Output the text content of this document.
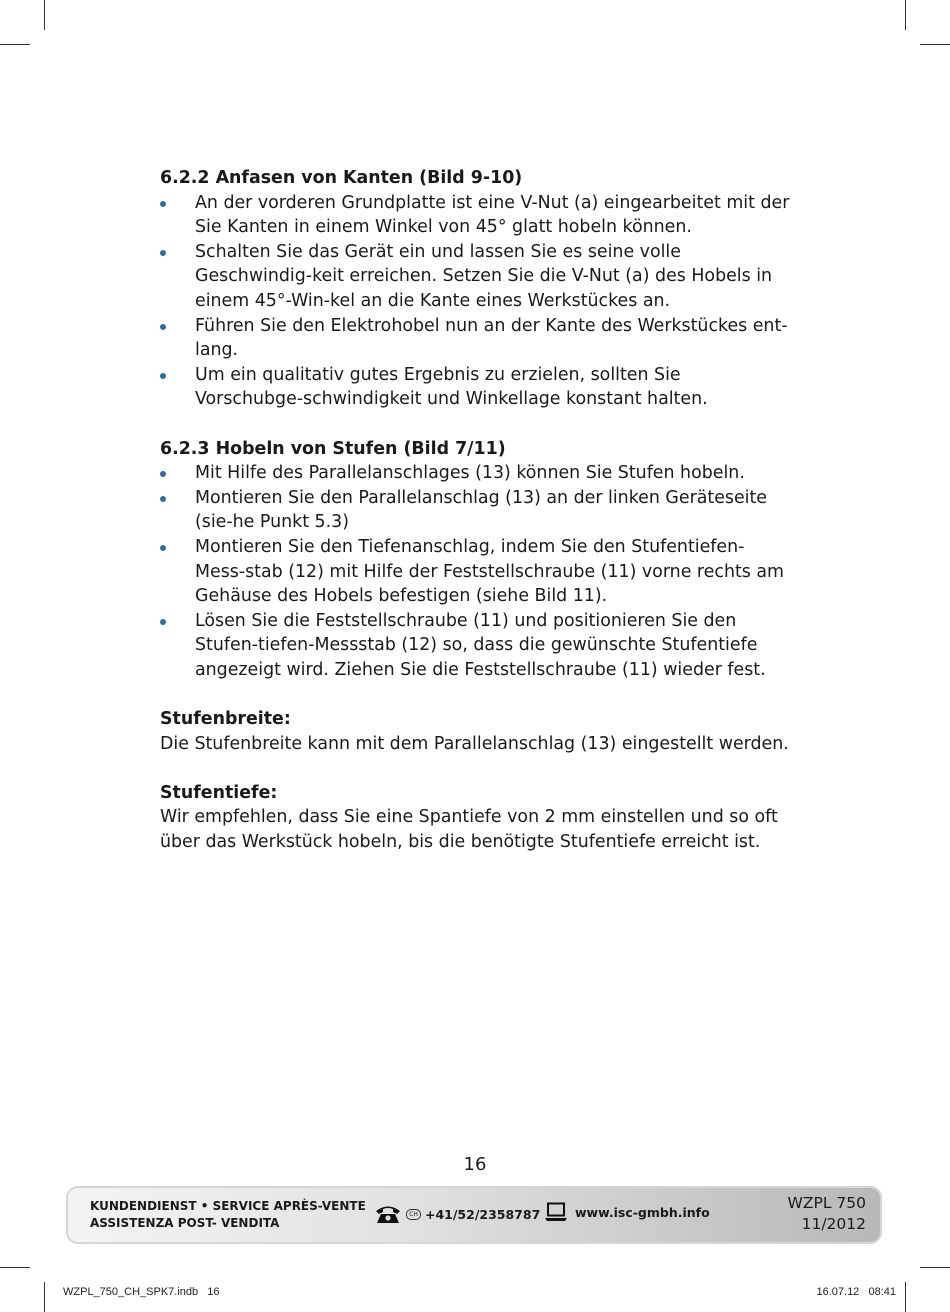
6.2.2 Anfasen von Kanten (Bild 9-10)
An der vorderen Grundplatte ist eine V-Nut (a) eingearbeitet mit der Sie Kanten in einem Winkel von 45° glatt hobeln können.
Schalten Sie das Gerät ein und lassen Sie es seine volle Geschwindig-keit erreichen. Setzen Sie die V-Nut (a) des Hobels in einem 45°-Win-kel an die Kante eines Werkstückes an.
Führen Sie den Elektrohobel nun an der Kante des Werkstückes ent-lang.
Um ein qualitativ gutes Ergebnis zu erzielen, sollten Sie Vorschubge-schwindigkeit und Winkellage konstant halten.
6.2.3 Hobeln von Stufen (Bild 7/11)
Mit Hilfe des Parallelanschlages (13) können Sie Stufen hobeln.
Montieren Sie den Parallelanschlag (13) an der linken Geräteseite (sie-he Punkt 5.3)
Montieren Sie den Tiefenanschlag, indem Sie den Stufentiefen-Mess-stab (12) mit Hilfe der Feststellschraube (11) vorne rechts am Gehäuse des Hobels befestigen (siehe Bild 11).
Lösen Sie die Feststellschraube (11) und positionieren Sie den Stufen-tiefen-Messstab (12) so, dass die gewünschte Stufentiefe angezeigt wird. Ziehen Sie die Feststellschraube (11) wieder fest.
Stufenbreite:

Die Stufenbreite kann mit dem Parallelanschlag (13) eingestellt werden.

Stufentiefe:

Wir empfehlen, dass Sie eine Spantiefe von 2 mm einstellen und so oft über das Werkstück hobeln, bis die benötigte Stufentiefe erreicht ist.

16
KUNDENDIENST • SERVICE APRÈS-VENTE
ASSISTENZA POST- VENDITA
CH +41/52/2358787	www.isc-gmbh.info	WZPL 750
11/2012
WZPL_750_CH_SPK7.indb   16	16.07.12   08:41
